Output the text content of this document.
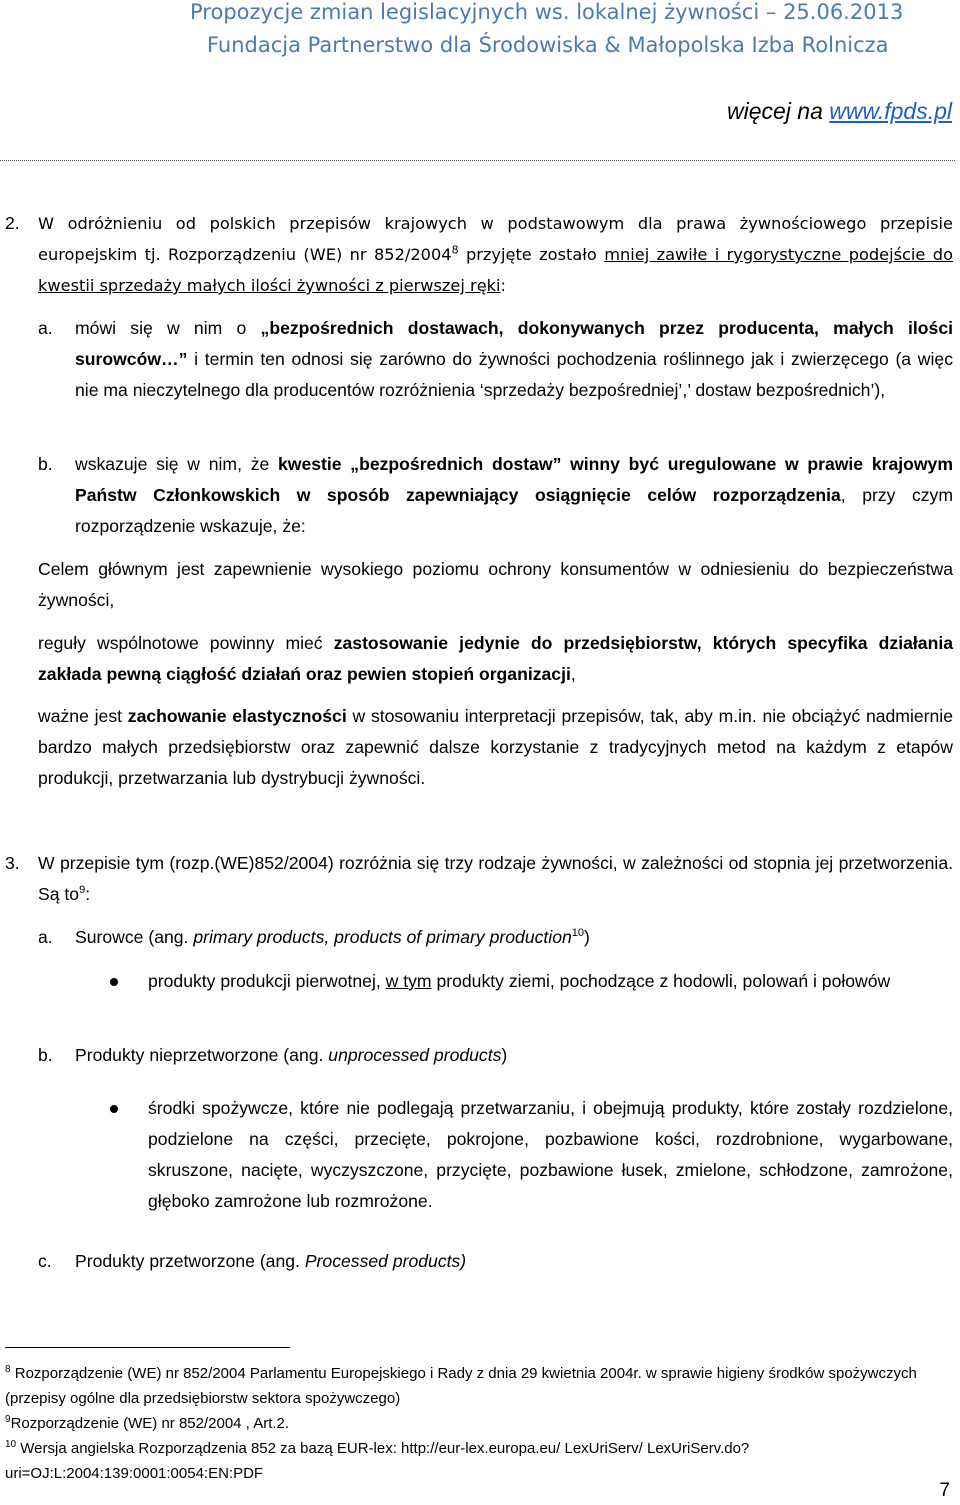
Propozycje zmian legislacyjnych ws. lokalnej żywności – 25.06.2013
Fundacja Partnerstwo dla Środowiska & Małopolska Izba Rolnicza
więcej na www.fpds.pl
2.	W odróżnieniu od polskich przepisów krajowych w podstawowym dla prawa żywnościowego przepisie europejskim tj. Rozporządzeniu (WE) nr 852/2004$^8$ przyjęte zostało mniej zawiłe i rygorystyczne podejście do kwestii sprzedaży małych ilości żywności z pierwszej ręki:
a. mówi się w nim o „bezpośrednich dostawach, dokonywanych przez producenta, małych ilości surowców…” i termin ten odnosi się zarówno do żywności pochodzenia roślinnego jak i zwierzęcego (a więc nie ma nieczytelnego dla producentów rozróżnienia ‘sprzedaży bezpośredniej’,’ dostaw bezpośrednich’),
b. wskazuje się w nim, że kwestie „bezpośrednich dostaw” winny być uregulowane w prawie krajowym Państw Członkowskich w sposób zapewniający osiągnięcie celów rozporządzenia, przy czym rozporządzenie wskazuje, że:
Celem głównym jest zapewnienie wysokiego poziomu ochrony konsumentów w odniesieniu do bezpieczeństwa żywności,
reguły wspólnotowe powinny mieć zastosowanie jedynie do przedsiębiorstw, których specyfika działania zakłada pewną ciągłość działań oraz pewien stopień organizacji,
ważne jest zachowanie elastyczności w stosowaniu interpretacji przepisów, tak, aby m.in. nie obciążyć nadmiernie bardzo małych przedsiębiorstw oraz zapewnić dalsze korzystanie z tradycyjnych metod na każdym z etapów produkcji, przetwarzania lub dystrybucji żywności.
3. W przepisie tym (rozp.(WE)852/2004) rozróżnia się trzy rodzaje żywności, w zależności od stopnia jej przetworzenia. Są $to^9$:
a. Surowce (ang. primary products, products of primary production$^{10}$)
produkty produkcji pierwotnej, w tym produkty ziemi, pochodzące z hodowli, polowań i połowów
b. Produkty nieprzetworzone (ang. unprocessed products)
środki spożywcze, które nie podlegają przetwarzaniu, i obejmują produkty, które zostały rozdzielone, podzielone na części, przecięte, pokrojone, pozbawione kości, rozdrobnione, wygarbowane, skruszone, nacięte, wyczyszczone, przycięte, pozbawione łusek, zmielone, schłodzone, zamrożone, głęboko zamrożone lub rozmrożone.
c. Produkty przetworzone (ang. Processed products)
$^8$ Rozporządzenie (WE) nr 852/2004 Parlamentu Europejskiego i Rady z dnia 29 kwietnia 2004r. w sprawie higieny środków spożywczych (przepisy ogólne dla przedsiębiorstw sektora spożywczego)
$^9$Rozporządzenie (WE) nr 852/2004 , Art.2.
$^{10}$ Wersja angielska Rozporządzenia 852 za bazą EUR-lex: http://eur-lex.europa.eu/ LexUriServ/ LexUriServ.do?uri=OJ:L:2004:139:0001:0054:EN:PDF
7
